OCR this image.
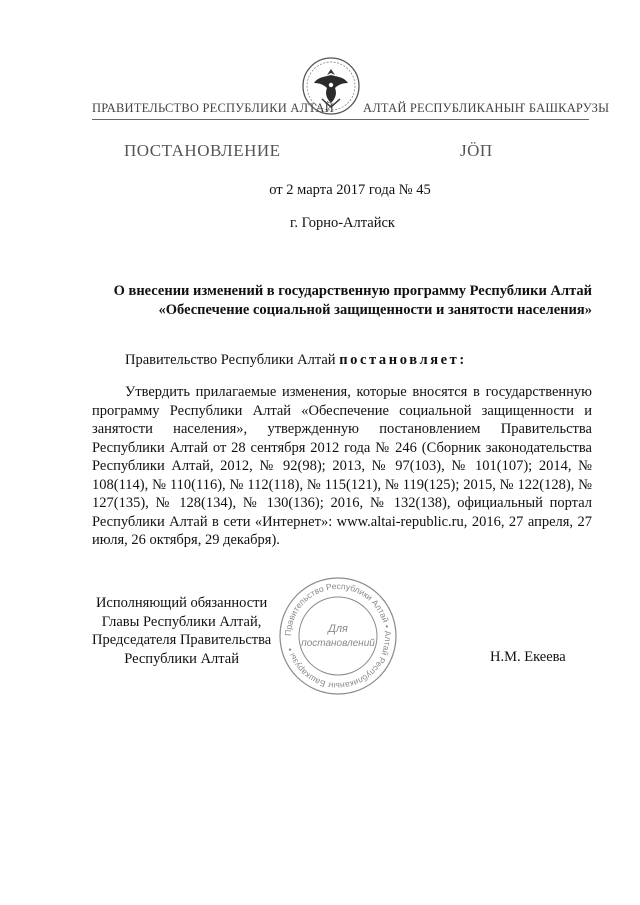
ПРАВИТЕЛЬСТВО РЕСПУБЛИКИ АЛТАЙ АЛТАЙ РЕСПУБЛИКАНЫҤ БАШКАРУЗЫ
ПОСТАНОВЛЕНИЕ	ЈÖП
от 2 марта 2017 года № 45
г. Горно-Алтайск
О внесении изменений в государственную программу Республики Алтай «Обеспечение социальной защищенности и занятости населения»
Правительство Республики Алтай постановляет:
Утвердить прилагаемые изменения, которые вносятся в государственную программу Республики Алтай «Обеспечение социальной защищенности и занятости населения», утвержденную постановлением Правительства Республики Алтай от 28 сентября 2012 года № 246 (Сборник законодательства Республики Алтай, 2012, № 92(98); 2013, № 97(103), № 101(107); 2014, № 108(114), № 110(116), № 112(118), № 115(121), № 119(125); 2015, № 122(128), № 127(135), № 128(134), № 130(136); 2016, № 132(138), официальный портал Республики Алтай в сети «Интернет»: www.altai-republic.ru, 2016, 27 апреля, 27 июля, 26 октября, 29 декабря).
Исполняющий обязанности
Главы Республики Алтай,
Председателя Правительства
Республики Алтай	Н.М. Екеева
Правительство Республики Алтай • Алтай Республиканыҥ Башкарузы •
Для
постановлений
